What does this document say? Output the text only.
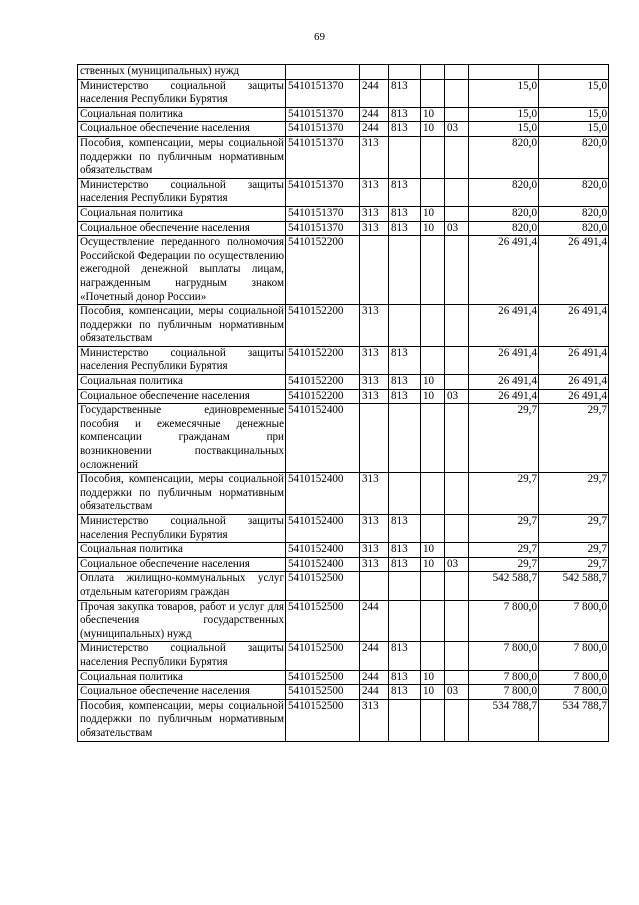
69
ственных (муниципальных) нужд							
Министерство социальной защиты населения Республики Бурятия	5410151370	244	813			15,0	15,0
Социальная политика	5410151370	244	813	10		15,0	15,0
Социальное обеспечение населения	5410151370	244	813	10	03	15,0	15,0
Пособия, компенсации, меры социальной поддержки по публичным нормативным обязательствам	5410151370	313				820,0	820,0
Министерство социальной защиты населения Республики Бурятия	5410151370	313	813			820,0	820,0
Социальная политика	5410151370	313	813	10		820,0	820,0
Социальное обеспечение населения	5410151370	313	813	10	03	820,0	820,0
Осуществление переданного полномочия Российской Федерации по осуществлению ежегодной денежной выплаты лицам, награжденным нагрудным знаком «Почетный донор России»	5410152200					26 491,4	26 491,4
Пособия, компенсации, меры социальной поддержки по публичным нормативным обязательствам	5410152200	313				26 491,4	26 491,4
Министерство социальной защиты населения Республики Бурятия	5410152200	313	813			26 491,4	26 491,4
Социальная политика	5410152200	313	813	10		26 491,4	26 491,4
Социальное обеспечение населения	5410152200	313	813	10	03	26 491,4	26 491,4
Государственные единовременные пособия и ежемесячные денежные компенсации гражданам при возникновении поствакцинальных осложнений	5410152400					29,7	29,7
Пособия, компенсации, меры социальной поддержки по публичным нормативным обязательствам	5410152400	313				29,7	29,7
Министерство социальной защиты населения Республики Бурятия	5410152400	313	813			29,7	29,7
Социальная политика	5410152400	313	813	10		29,7	29,7
Социальное обеспечение населения	5410152400	313	813	10	03	29,7	29,7
Оплата жилищно-коммунальных услуг отдельным категориям граждан	5410152500					542 588,7	542 588,7
Прочая закупка товаров, работ и услуг для обеспечения государственных (муниципальных) нужд	5410152500	244				7 800,0	7 800,0
Министерство социальной защиты населения Республики Бурятия	5410152500	244	813			7 800,0	7 800,0
Социальная политика	5410152500	244	813	10		7 800,0	7 800,0
Социальное обеспечение населения	5410152500	244	813	10	03	7 800,0	7 800,0
Пособия, компенсации, меры социальной поддержки по публичным нормативным обязательствам	5410152500	313				534 788,7	534 788,7
